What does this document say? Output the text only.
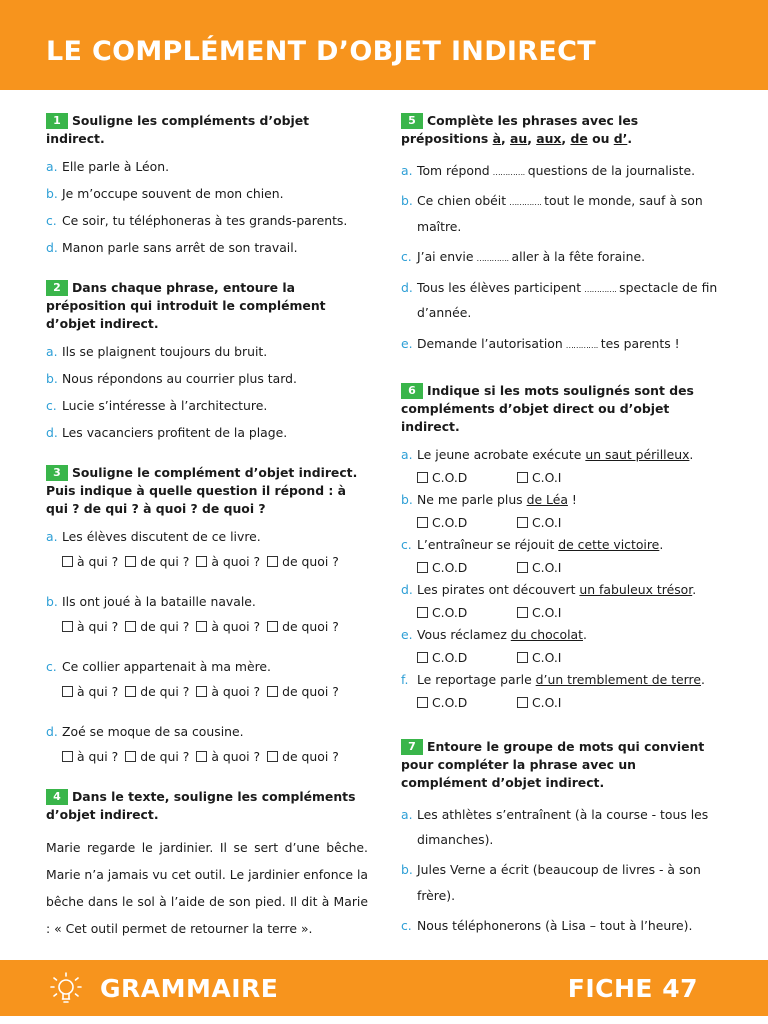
LE COMPLÉMENT D’OBJET INDIRECT
1 Souligne les compléments d’objet indirect.
a. Elle parle à Léon.
b. Je m’occupe souvent de mon chien.
c. Ce soir, tu téléphoneras à tes grands-parents.
d. Manon parle sans arrêt de son travail.
2 Dans chaque phrase, entoure la préposition qui introduit le complément d’objet indirect.
a. Ils se plaignent toujours du bruit.
b. Nous répondons au courrier plus tard.
c. Lucie s’intéresse à l’architecture.
d. Les vacanciers profitent de la plage.
3 Souligne le complément d’objet indirect. Puis indique à quelle question il répond : à qui ? de qui ? à quoi ? de quoi ?
a. Les élèves discutent de ce livre.
à qui ? de qui ? à quoi ? de quoi ?
b. Ils ont joué à la bataille navale.
à qui ? de qui ? à quoi ? de quoi ?
c. Ce collier appartenait à ma mère.
à qui ? de qui ? à quoi ? de quoi ?
d. Zoé se moque de sa cousine.
à qui ? de qui ? à quoi ? de quoi ?
4 Dans le texte, souligne les compléments d’objet indirect.
Marie regarde le jardinier. Il se sert d’une bêche. Marie n’a jamais vu cet outil. Le jardinier enfonce la bêche dans le sol à l’aide de son pied. Il dit à Marie : « Cet outil permet de retourner la terre ».
5 Complète les phrases avec les prépositions à, au, aux, de ou d’.
a. Tom répond …………. questions de la journaliste.
b. Ce chien obéit …………. tout le monde, sauf à son maître.
c. J’ai envie …………. aller à la fête foraine.
d. Tous les élèves participent …………. spectacle de fin d’année.
e. Demande l’autorisation …………. tes parents !
6 Indique si les mots soulignés sont des compléments d’objet direct ou d’objet indirect.
a. Le jeune acrobate exécute un saut périlleux.
C.O.D	C.O.I
b. Ne me parle plus de Léa !
C.O.D	C.O.I
c. L’entraîneur se réjouit de cette victoire.
C.O.D	C.O.I
d. Les pirates ont découvert un fabuleux trésor.
C.O.D	C.O.I
e. Vous réclamez du chocolat.
C.O.D	C.O.I
f. Le reportage parle d’un tremblement de terre.
C.O.D	C.O.I
7 Entoure le groupe de mots qui convient pour compléter la phrase avec un complément d’objet indirect.
a. Les athlètes s’entraînent (à la course - tous les dimanches).
b. Jules Verne a écrit (beaucoup de livres - à son frère).
c. Nous téléphonerons (à Lisa – tout à l’heure).
GRAMMAIRE	FICHE 47
